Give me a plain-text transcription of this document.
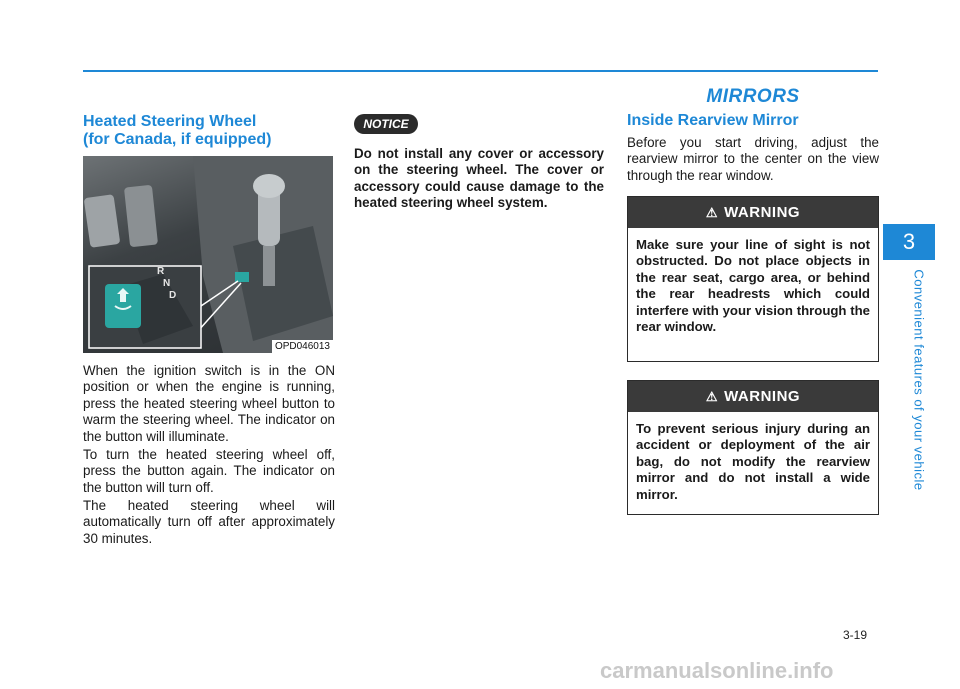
MIRRORS
Heated Steering Wheel
(for Canada, if equipped)
R
N
D
OPD046013

When the ignition switch is in the ON position or when the engine is running, press the heated steering wheel button to warm the steering wheel. The indicator on the button will illuminate.

To turn the heated steering wheel off, press the button again. The indicator on the button will turn off.

The heated steering wheel will automatically turn off after approximately 30 minutes.

NOTICE

Do not install any cover or accessory on the steering wheel. The cover or accessory could cause damage to the heated steering wheel system.

Inside Rearview Mirror

Before you start driving, adjust the rearview mirror to the center on the view through the rear window.

⚠ WARNING
Make sure your line of sight is not obstructed. Do not place objects in the rear seat, cargo area, or behind the rear headrests which could interfere with your vision through the rear window.
⚠ WARNING
To prevent serious injury during an accident or deployment of the air bag, do not modify the rearview mirror and do not install a wide mirror.
3
Convenient features of your vehicle
3-19
carmanualsonline.info
